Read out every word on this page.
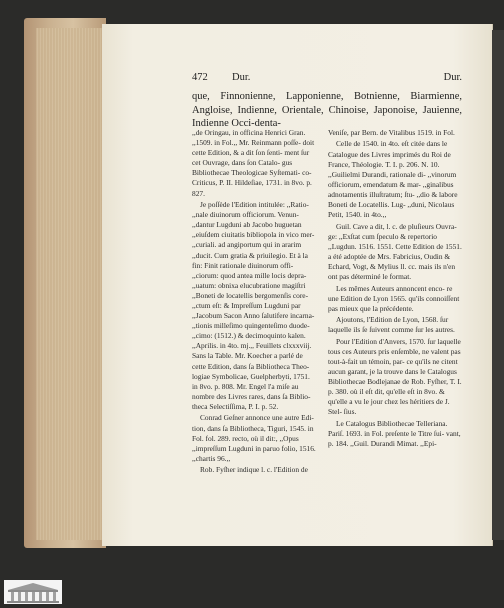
472 Dur.	Dur.
que, Finnonienne, Lapponienne, Botnienne, Biarmienne, Angloise, Indienne, Orientale, Chinoise, Japonoise, Jauienne, Indienne Occi-denta-

,,de Oringau, in officina Henrici Gran. ,,1509. in Fol.,, Mr. Reinmann poſſe- doit cette Edition, & a dit ſon ſenti- ment ſur cet Ouvrage, dans ſon Catalo- gus Bibliothecae Theologicae Syſtemati- co-Criticus, P. II. Hildeſiae, 1731. in 8vo. p. 827.

Je poſſède l'Edition intitulée: ,,Ratio- ,,nale diuinorum officiorum. Venun- ,,dantur Lugduni ab Jacobo huguetan ,,eiuſdem ciuitatis bibliopola in vico mer- ,,curiali. ad angiportum qui in ararim ,,ducit. Cum gratia & priuilegio. Et à la fin: Finit rationale diuinorum offi- ,,ciorum: quod antea mille locis depra- ,,uatum: obnixa elucubratione magiſtri ,,Boneti de locatellis bergomenſis core- ,,ctum eſt: & Impreſſum Lugduni par ,,Jacobum Sacon Anno ſalutifere incarna- ,,tionis milleſimo quingenteſimo duode- ,,cimo: (1512.) & decimoquinto kalen. ,,Aprilis. in 4to. mj.,, Feuillets clxxxviij. Sans la Table. Mr. Koecher a parlé de cette Edition, dans ſa Bibliotheca Theo- logiae Symbolicae, Guelpherbyti, 1751. in 8vo. p. 808. Mr. Engel l'a miſe au nombre des Livres rares, dans ſa Biblio- theca Selectiſſima, P. I. p. 52.

Conrad Geſner annonce une autre Edi- tion, dans ſa Bibliotheca, Tiguri, 1545. in Fol. fol. 289. recto, où il dit:, ,,Opus ,,impreſſum Lugduni in paruo folio, 1516. ,,chartis 96.,,

Rob. Fyſher indique l. c. l'Edition de

Veniſe, par Bern. de Vitalibus 1519. in Fol.

Celle de 1540. in 4to. eſt citée dans le Catalogue des Livres imprimés du Roi de France, Théologie. T. I. p. 206. N. 10. ,,Guilielmi Durandi, rationale di- ,,vinorum officiorum, emendatum & mar- ,,ginalibus adnotamentis illuſtratum; ſtu- ,,dio & labore Boneti de Locatellis. Lug- ,,duni, Nicolaus Petit, 1540. in 4to.,,

Guil. Cave a dit, l. c. de pluſieurs Ouvra- ge: ,,Exſtat cum ſpeculo & repertorio ,,Lugdun. 1516. 1551. Cette Edition de 1551. a été adoptée de Mrs. Fabricius, Oudin & Echard, Vogt, & Mylius ll. cc. mais ils n'en ont pas déterminé le format.

Les mêmes Auteurs annoncent enco- re une Edition de Lyon 1565. qu'ils connoiſſent pas mieux que la précédente.

Ajoutons, l'Edition de Lyon, 1568. ſur laquelle ils ſe ſuivent comme ſur les autres.

Pour l'Edition d'Anvers, 1570. ſur laquelle tous ces Auteurs pris enſemble, ne valent pas tout-à-fait un témoin, par- ce qu'ils ne citent aucun garant, je la trouve dans le Catalogus Bibliothecae Bodlejanae de Rob. Fyſher, T. I. p. 380. où il eſt dit, qu'elle eſt in 8vo. & qu'elle a vu le jour chez les héritiers de J. Stel- ſius.

Le Catalogus Bibliothecae Telleriana. Pariſ. 1693. in Fol. preſente le Titre ſui- vant, p. 184. ,,Guil. Durandi Mimat. ,,Epi-
